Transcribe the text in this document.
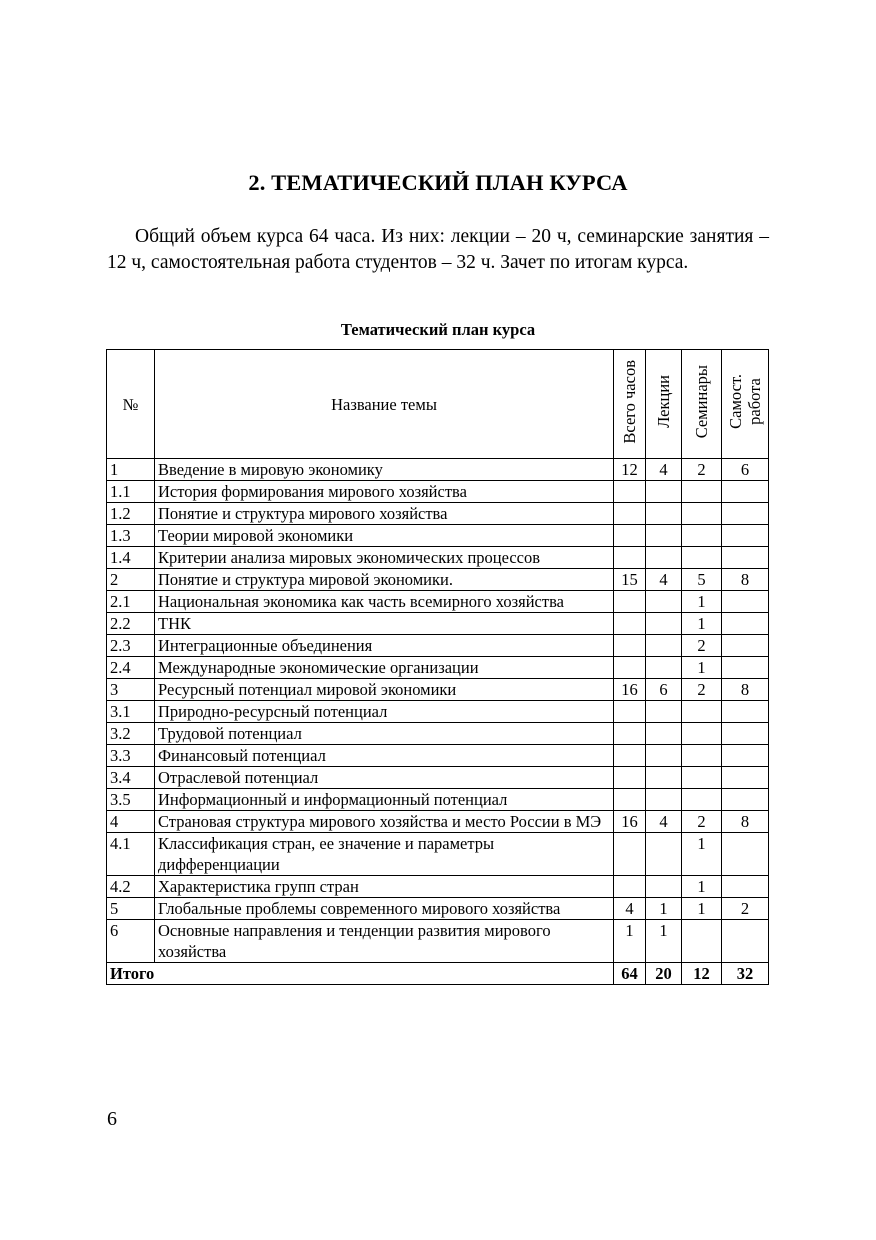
2. ТЕМАТИЧЕСКИЙ ПЛАН КУРСА

Общий объем курса 64 часа. Из них: лекции – 20 ч, семинарские занятия – 12 ч, самостоятельная работа студентов – 32 ч. Зачет по итогам курса.

Тематический план курса
№	Название темы	Всего часов	Лекции	Семинары	Самост.
работа
1	Введение в мировую экономику	12	4	2	6
1.1	История формирования мирового хозяйства				
1.2	Понятие и структура мирового хозяйства				
1.3	Теории мировой экономики				
1.4	Критерии анализа мировых экономических процессов				
2	Понятие и структура мировой экономики.	15	4	5	8
2.1	Национальная экономика как часть всемирного хозяйства			1	
2.2	ТНК			1	
2.3	Интеграционные объединения			2	
2.4	Международные экономические организации			1	
3	Ресурсный потенциал мировой экономики	16	6	2	8
3.1	Природно-ресурсный потенциал				
3.2	Трудовой потенциал				
3.3	Финансовый потенциал				
3.4	Отраслевой потенциал				
3.5	Информационный и информационный потенциал				
4	Страновая структура мирового хозяйства и место России в МЭ	16	4	2	8
4.1	Классификация стран, ее значение и параметры дифференциации			1	
4.2	Характеристика групп стран			1	
5	Глобальные проблемы современного мирового хозяйства	4	1	1	2
6	Основные направления и тенденции развития мирового хозяйства	1	1		
Итого		64	20	12	32
6
